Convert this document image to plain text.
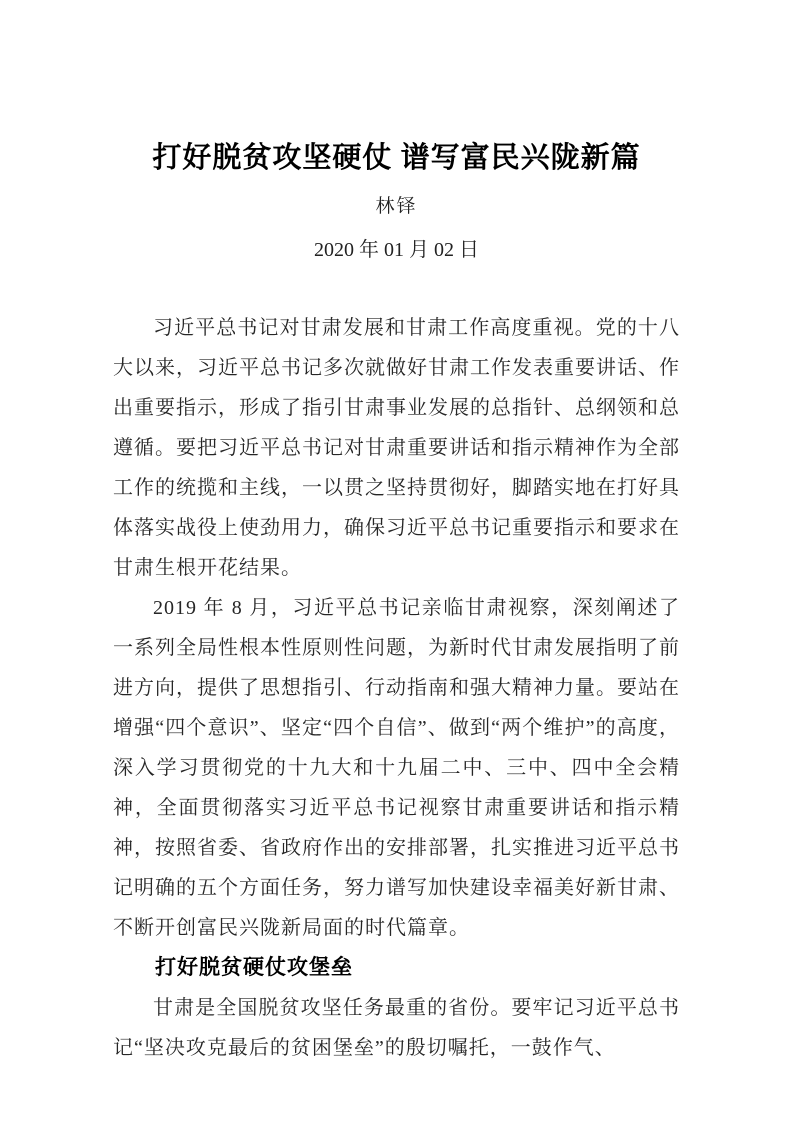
打好脱贫攻坚硬仗 谱写富民兴陇新篇
林铎
2020 年 01 月 02 日

习近平总书记对甘肃发展和甘肃工作高度重视。党的十八大以来，习近平总书记多次就做好甘肃工作发表重要讲话、作出重要指示，形成了指引甘肃事业发展的总指针、总纲领和总遵循。要把习近平总书记对甘肃重要讲话和指示精神作为全部工作的统揽和主线，一以贯之坚持贯彻好，脚踏实地在打好具体落实战役上使劲用力，确保习近平总书记重要指示和要求在甘肃生根开花结果。

2019 年 8 月，习近平总书记亲临甘肃视察，深刻阐述了一系列全局性根本性原则性问题，为新时代甘肃发展指明了前进方向，提供了思想指引、行动指南和强大精神力量。要站在增强“四个意识”、坚定“四个自信”、做到“两个维护”的高度，深入学习贯彻党的十九大和十九届二中、三中、四中全会精神，全面贯彻落实习近平总书记视察甘肃重要讲话和指示精神，按照省委、省政府作出的安排部署，扎实推进习近平总书记明确的五个方面任务，努力谱写加快建设幸福美好新甘肃、不断开创富民兴陇新局面的时代篇章。

打好脱贫硬仗攻堡垒

甘肃是全国脱贫攻坚任务最重的省份。要牢记习近平总书记“坚决攻克最后的贫困堡垒”的殷切嘱托，一鼓作气、
